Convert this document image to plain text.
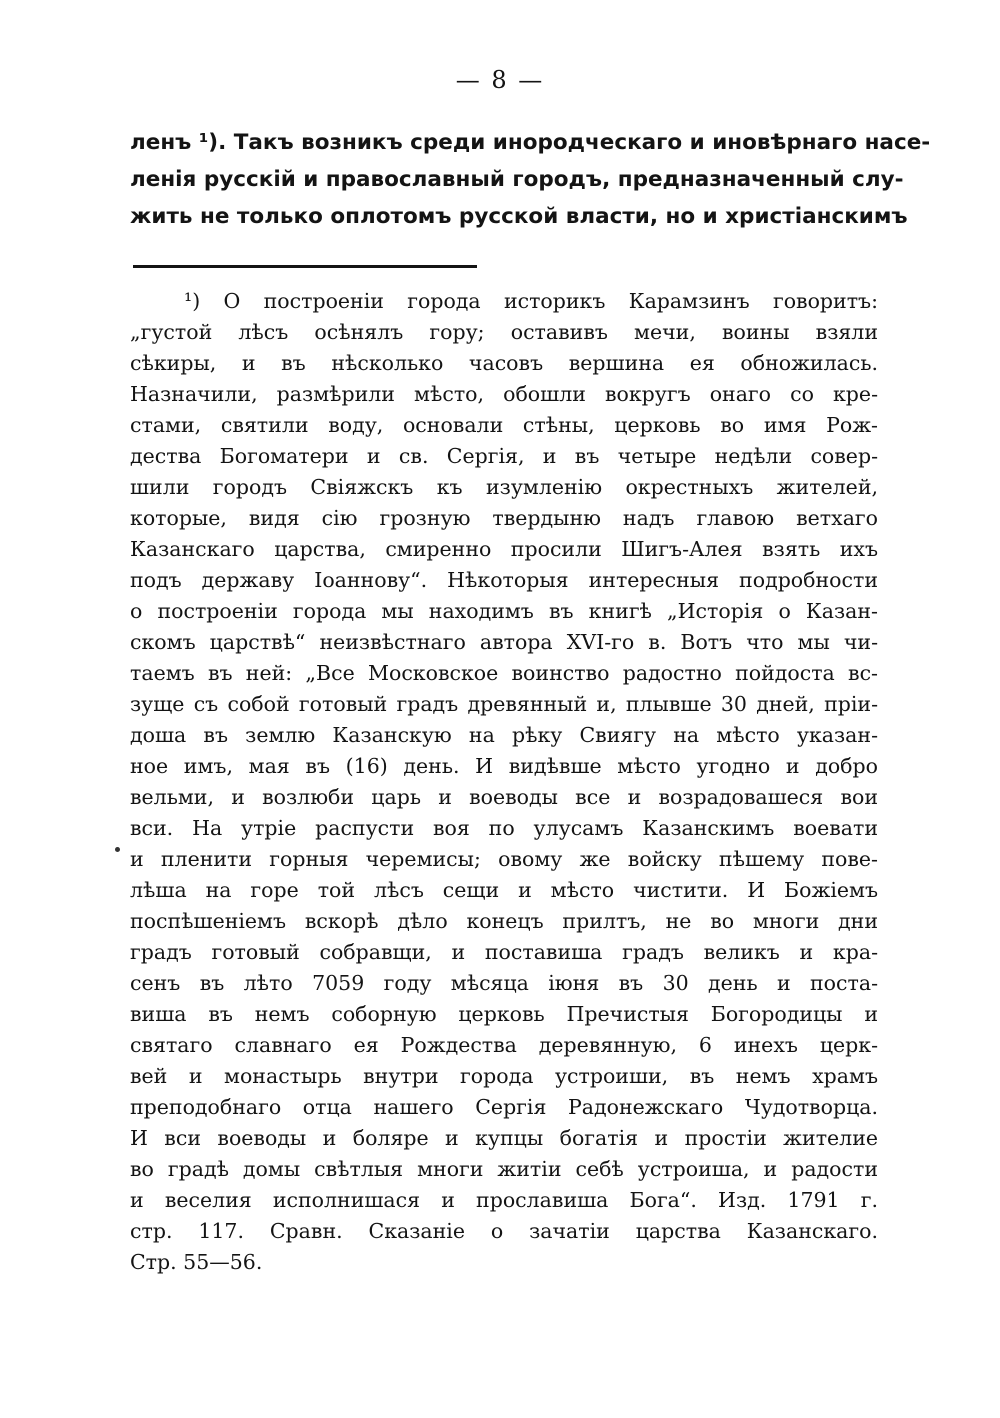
— 8 —
ленъ ¹). Такъ возникъ среди инородческаго и иновѣрнаго насе-
ленія русскій и православный городъ, предназначенный слу-
жить не только оплотомъ русской власти, но и христіанскимъ
¹) О построеніи города историкъ Карамзинъ говоритъ:
„густой лѣсъ осѣнялъ гору; оставивъ мечи, воины взяли
сѣкиры, и въ нѣсколько часовъ вершина ея обножилась.
Назначили, размѣрили мѣсто, обошли вокругъ онаго со кре-
стами, святили воду, основали стѣны, церковь во имя Рож-
дества Богоматери и св. Сергія, и въ четыре недѣли совер-
шили городъ Свіяжскъ къ изумленію окрестныхъ жителей,
которые, видя сію грозную твердыню надъ главою ветхаго
Казанскаго царства, смиренно просили Шигъ-Алея взять ихъ
подъ державу Іоаннову“. Нѣкоторыя интересныя подробности
о построеніи города мы находимъ въ книгѣ „Исторія о Казан-
скомъ царствѣ“ неизвѣстнаго автора XVI-го в. Вотъ что мы чи-
таемъ въ ней: „Все Московское воинство радостно пойдоста вс-
зуще съ собой готовый градъ древянный и, плывше 30 дней, пріи-
доша въ землю Казанскую на рѣку Свиягу на мѣсто указан-
ное имъ, мая въ (16) день. И видѣвше мѣсто угодно и добро
вельми, и возлюби царь и воеводы все и возрадовашеся вои
вси. На утріе распусти воя по улусамъ Казанскимъ воевати
и пленити горныя черемисы; овому же войску пѣшему пове-
лѣша на горе той лѣсъ сещи и мѣсто чистити. И Божіемъ
поспѣшеніемъ вскорѣ дѣло конецъ прилтъ, не во многи дни
градъ готовый собравщи, и поставиша градъ великъ и кра-
сенъ въ лѣто 7059 году мѣсяца іюня въ 30 день и поста-
виша въ немъ соборную церковь Пречистыя Богородицы и
святаго славнаго ея Рождества деревянную, 6 инехъ церк-
вей и монастырь внутри города устроиши, въ немъ храмъ
преподобнаго отца нашего Сергія Радонежскаго Чудотворца.
И вси воеводы и боляре и купцы богатія и простіи жителие
во градѣ домы свѣтлыя многи житіи себѣ устроиша, и радости
и веселия исполнишася и прославиша Бога“. Изд. 1791 г.
стр. 117. Сравн. Сказаніе о зачатіи царства Казанскаго.
Стр. 55—56.
